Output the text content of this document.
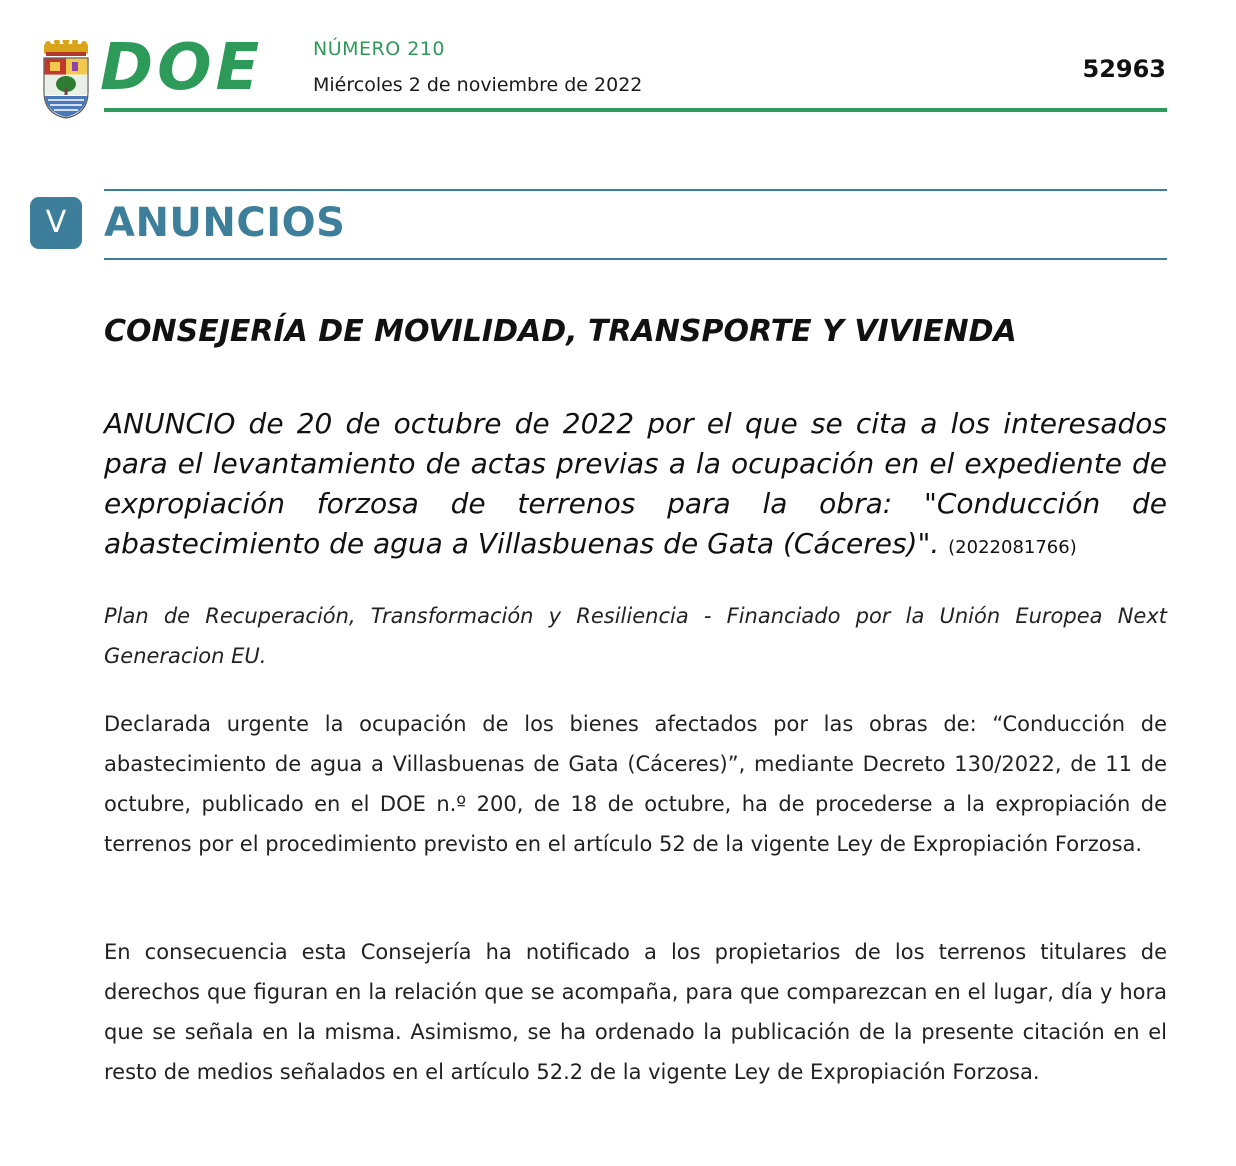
DOE	NÚMERO 210
Miércoles 2 de noviembre de 2022
52963
V ANUNCIOS
CONSEJERÍA DE MOVILIDAD, TRANSPORTE Y VIVIENDA
ANUNCIO de 20 de octubre de 2022 por el que se cita a los interesados para el levantamiento de actas previas a la ocupación en el expediente de expropiación forzosa de terrenos para la obra: "Conducción de abastecimiento de agua a Villasbuenas de Gata (Cáceres)". (2022081766)
Plan de Recuperación, Transformación y Resiliencia - Financiado por la Unión Europea Next Generacion EU.
Declarada urgente la ocupación de los bienes afectados por las obras de: “Conducción de abastecimiento de agua a Villasbuenas de Gata (Cáceres)”, mediante Decreto 130/2022, de 11 de octubre, publicado en el DOE n.º 200, de 18 de octubre, ha de procederse a la expropiación de terrenos por el procedimiento previsto en el artículo 52 de la vigente Ley de Expropiación Forzosa.
En consecuencia esta Consejería ha notificado a los propietarios de los terrenos titulares de derechos que figuran en la relación que se acompaña, para que comparezcan en el lugar, día y hora que se señala en la misma. Asimismo, se ha ordenado la publicación de la presente citación en el resto de medios señalados en el artículo 52.2 de la vigente Ley de Expropiación Forzosa.
